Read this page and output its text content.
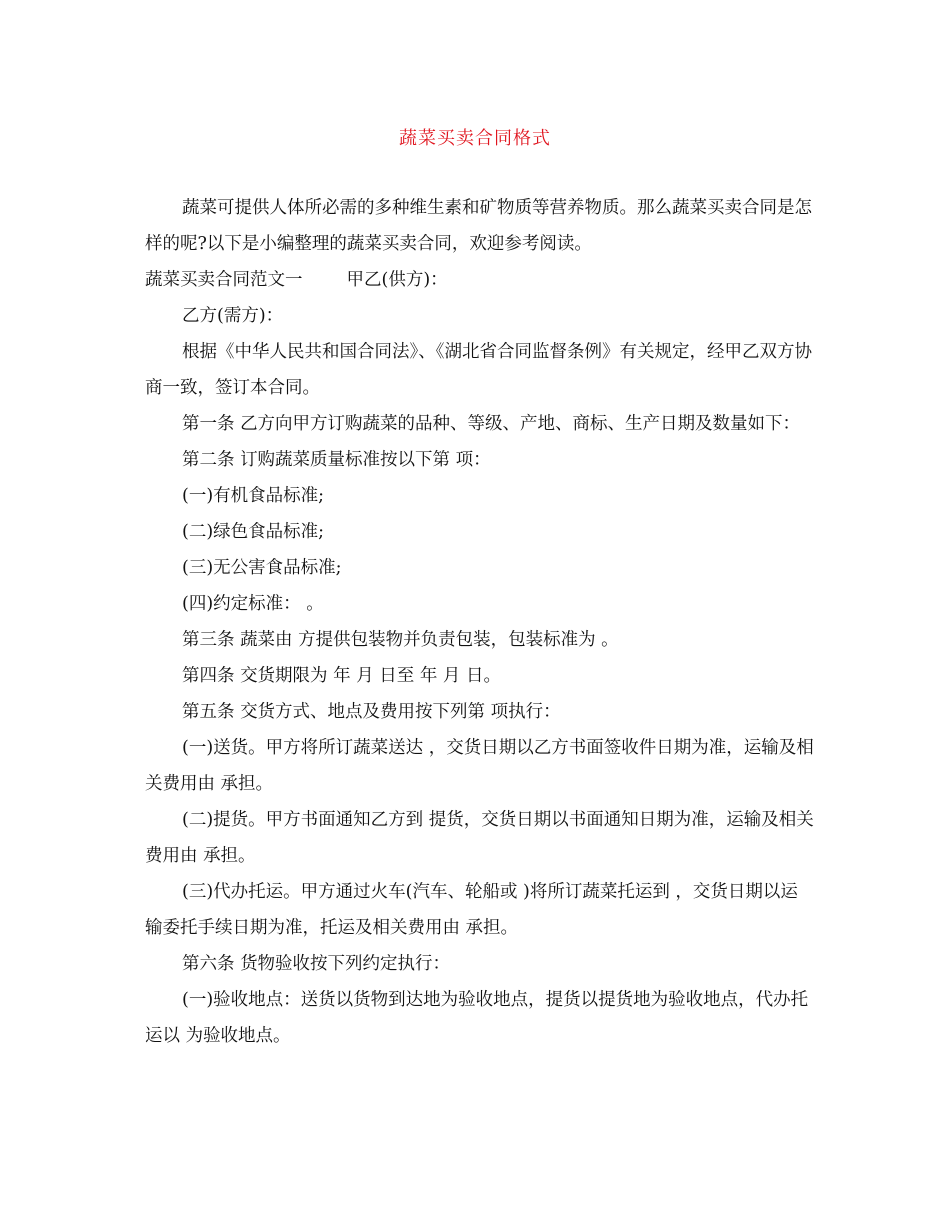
蔬菜买卖合同格式

蔬菜可提供人体所必需的多种维生素和矿物质等营养物质。那么蔬菜买卖合同是怎样的呢?以下是小编整理的蔬菜买卖合同，欢迎参考阅读。

蔬菜买卖合同范文一	甲乙(供方)：

乙方(需方)：

根据《中华人民共和国合同法》、《湖北省合同监督条例》有关规定，经甲乙双方协商一致，签订本合同。

第一条 乙方向甲方订购蔬菜的品种、等级、产地、商标、生产日期及数量如下：

第二条 订购蔬菜质量标准按以下第 项：

(一)有机食品标准;

(二)绿色食品标准;

(三)无公害食品标准;

(四)约定标准： 。

第三条 蔬菜由 方提供包装物并负责包装，包装标准为 。

第四条 交货期限为 年 月 日至 年 月 日。

第五条 交货方式、地点及费用按下列第 项执行：

(一)送货。甲方将所订蔬菜送达 ，交货日期以乙方书面签收件日期为准，运输及相关费用由 承担。

(二)提货。甲方书面通知乙方到 提货，交货日期以书面通知日期为准，运输及相关费用由 承担。

(三)代办托运。甲方通过火车(汽车、轮船或 )将所订蔬菜托运到 ，交货日期以运输委托手续日期为准，托运及相关费用由 承担。

第六条 货物验收按下列约定执行：

(一)验收地点：送货以货物到达地为验收地点，提货以提货地为验收地点，代办托运以 为验收地点。
